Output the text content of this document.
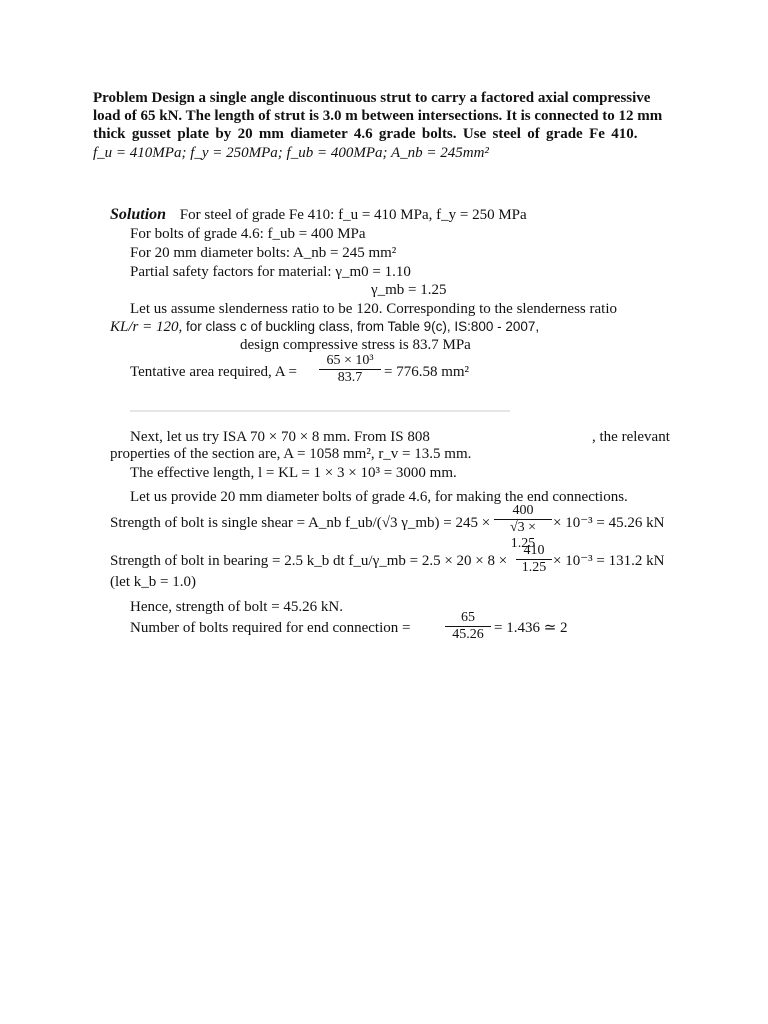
Problem Design a single angle discontinuous strut to carry a factored axial compressive
load of 65 kN. The length of strut is 3.0 m between intersections. It is connected to 12 mm
thick gusset plate by 20 mm diameter 4.6 grade bolts. Use steel of grade Fe 410.
f_u = 410MPa; f_y = 250MPa; f_ub = 400MPa; A_nb = 245mm²
Solution For steel of grade Fe 410: f_u = 410 MPa, f_y = 250 MPa
For bolts of grade 4.6: f_ub = 400 MPa
For 20 mm diameter bolts: A_nb = 245 mm²
Partial safety factors for material: γ_m0 = 1.10
γ_mb = 1.25
Let us assume slenderness ratio to be 120. Corresponding to the slenderness ratio
KL/r = 120, for class c of buckling class, from Table 9(c), IS:800 - 2007,
design compressive stress is 83.7 MPa
Tentative area required, $A = \frac{\text{65 × 10³}}{83.7} = 776.58$ mm²
Next, let us try ISA 70 × 70 × 8 mm. From IS 808	, the relevant
properties of the section are, A = 1058 mm², r_v = 13.5 mm.
The effective length, l = KL = 1 × 3 × 10³ = 3000 mm.
Let us provide 20 mm diameter bolts of grade 4.6, for making the end connections.
Strength of bolt is single shear = A_nb f_ub/(√3 γ_mb) = $245 \times \frac{400}{√3 \times 1.25} \times 10^{-3} = 45.26$ kN
Strength of bolt in bearing = 2.5 k_b dt f_u/γ_mb = $2.5 \times 20 \times 8 \times \frac{410}{1.25} \times 10^{-3} = 131.2$ kN
(let k_b = 1.0)
Hence, strength of bolt = 45.26 kN.
Number of bolts required for end connection = $\frac{65}{45.26} = 1.436$ ≃ 2
